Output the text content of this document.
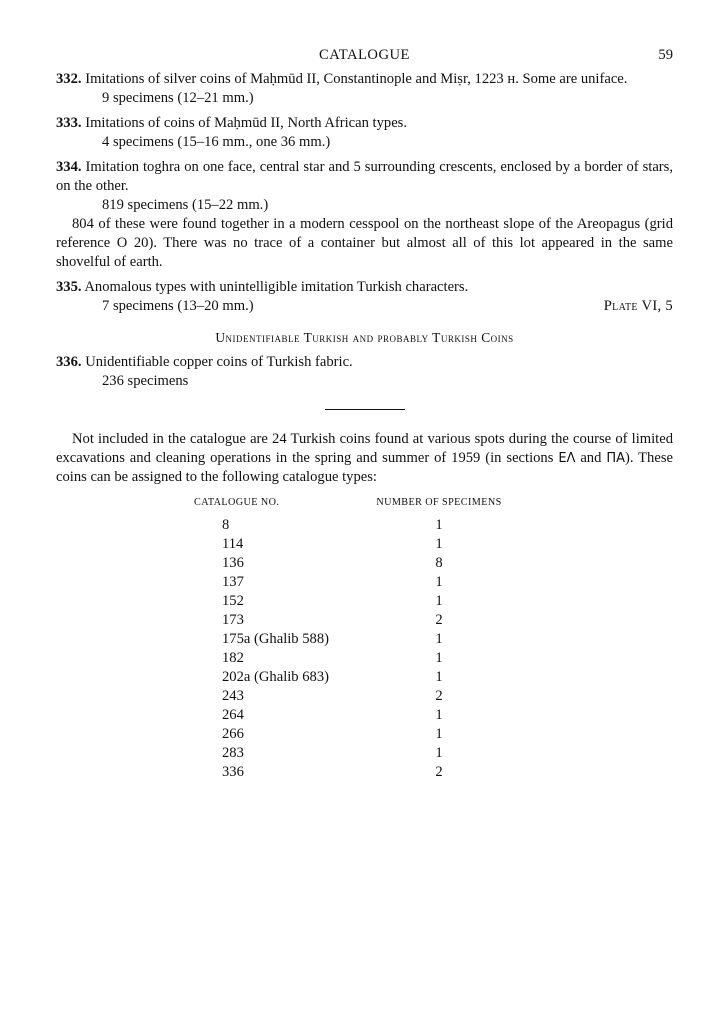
CATALOGUE	59

332. Imitations of silver coins of Maḥmūd II, Constantinople and Miṣr, 1223 ʜ. Some are uniface.

9 specimens (12–21 mm.)

333. Imitations of coins of Maḥmūd II, North African types.

4 specimens (15–16 mm., one 36 mm.)

334. Imitation toghra on one face, central star and 5 surrounding crescents, enclosed by a border of stars, on the other.

819 specimens (15–22 mm.)

804 of these were found together in a modern cesspool on the northeast slope of the Areopagus (grid reference O 20). There was no trace of a container but almost all of this lot appeared in the same shovelful of earth.

335. Anomalous types with unintelligible imitation Turkish characters.

7 specimens (13–20 mm.)	Plate VI, 5
Unidentifiable Turkish and probably Turkish Coins

336. Unidentifiable copper coins of Turkish fabric.

236 specimens

Not included in the catalogue are 24 Turkish coins found at various spots during the course of limited excavations and cleaning operations in the spring and summer of 1959 (in sections ΕΛ and ΠΑ). These coins can be assigned to the following catalogue types:

CATALOGUE NO.	NUMBER OF SPECIMENS
8	1
114	1
136	8
137	1
152	1
173	2
175a (Ghalib 588)	1
182	1
202a (Ghalib 683)	1
243	2
264	1
266	1
283	1
336	2
